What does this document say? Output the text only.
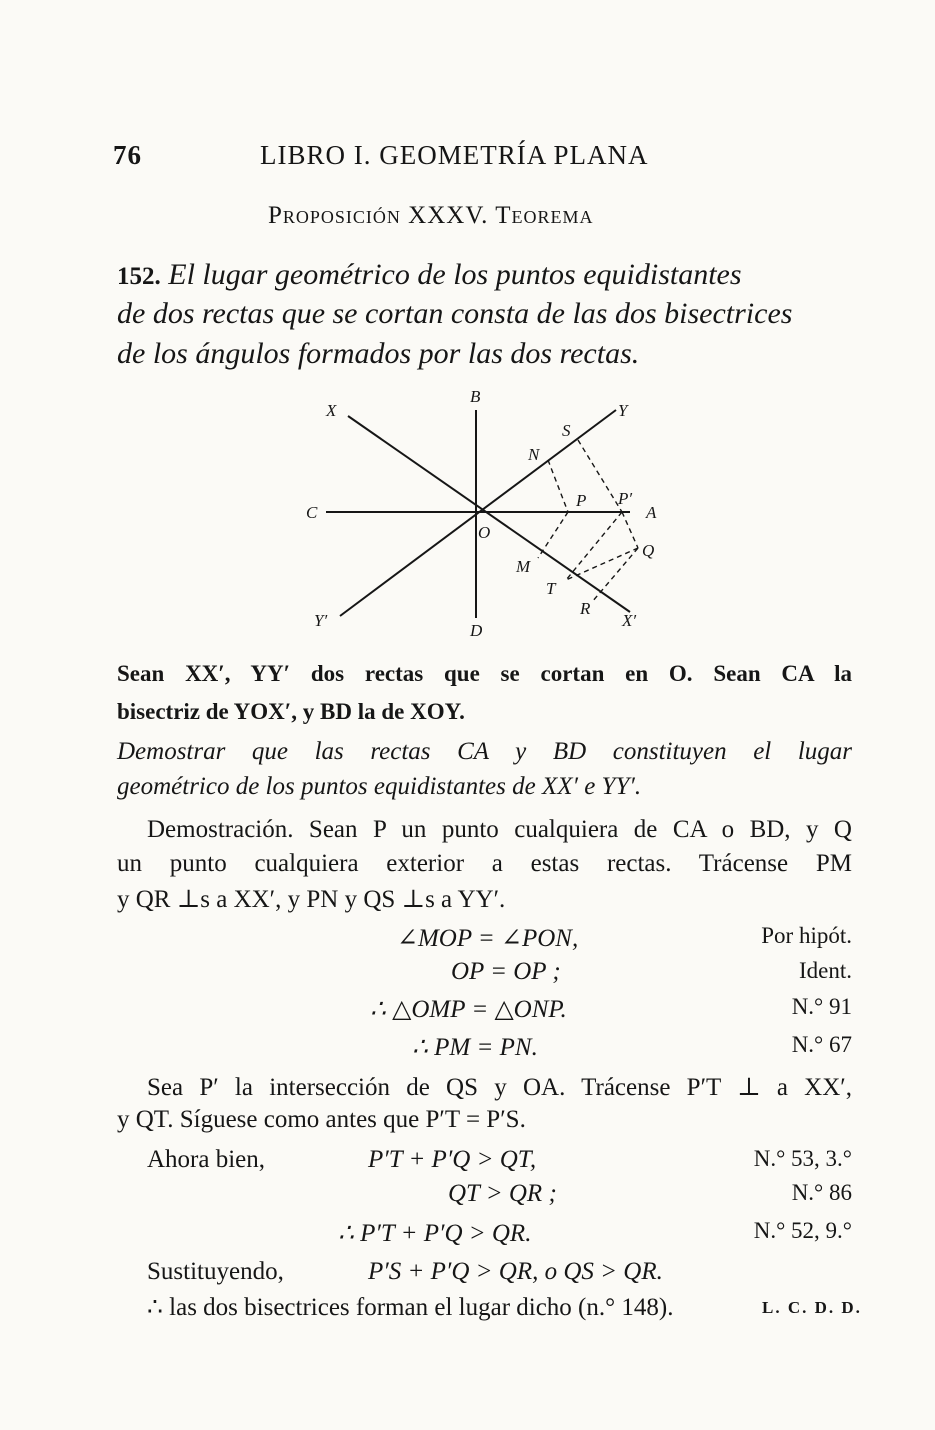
76	LIBRO I. GEOMETRÍA PLANA
Proposición XXXV. Teorema
152. El lugar geométrico de los puntos equidistantes
de dos rectas que se cortan consta de las dos bisectrices
de los ángulos formados por las dos rectas.
X
B
S
Y
N
C
P P′
A
O
Q
M
T
R
Y′
D
X′
Sean XX′, YY′ dos rectas que se cortan en O. Sean CA la
bisectriz de YOX′, y BD la de XOY.
Demostrar que las rectas CA y BD constituyen el lugar
geométrico de los puntos equidistantes de XX′ e YY′.
Demostración. Sean P un punto cualquiera de CA o BD, y Q
un punto cualquiera exterior a estas rectas. Trácense PM
y QR ⊥s a XX′, y PN y QS ⊥s a YY′.
∠MOP = ∠PON,	Por hipót.
OP = OP ;	Ident.
∴ △OMP = △ONP.	N.° 91
∴ PM = PN.	N.° 67
Sea P′ la intersección de QS y OA. Trácense P′T ⊥ a XX′,
y QT. Síguese como antes que P′T = P′S.
Ahora bien,	P′T + P′Q > QT,	N.° 53, 3.°
QT > QR ;	N.° 86
∴ P′T + P′Q > QR.	N.° 52, 9.°
Sustituyendo,	P′S + P′Q > QR, o QS > QR.
∴ las dos bisectrices forman el lugar dicho (n.° 148).	L. C. D. D.
